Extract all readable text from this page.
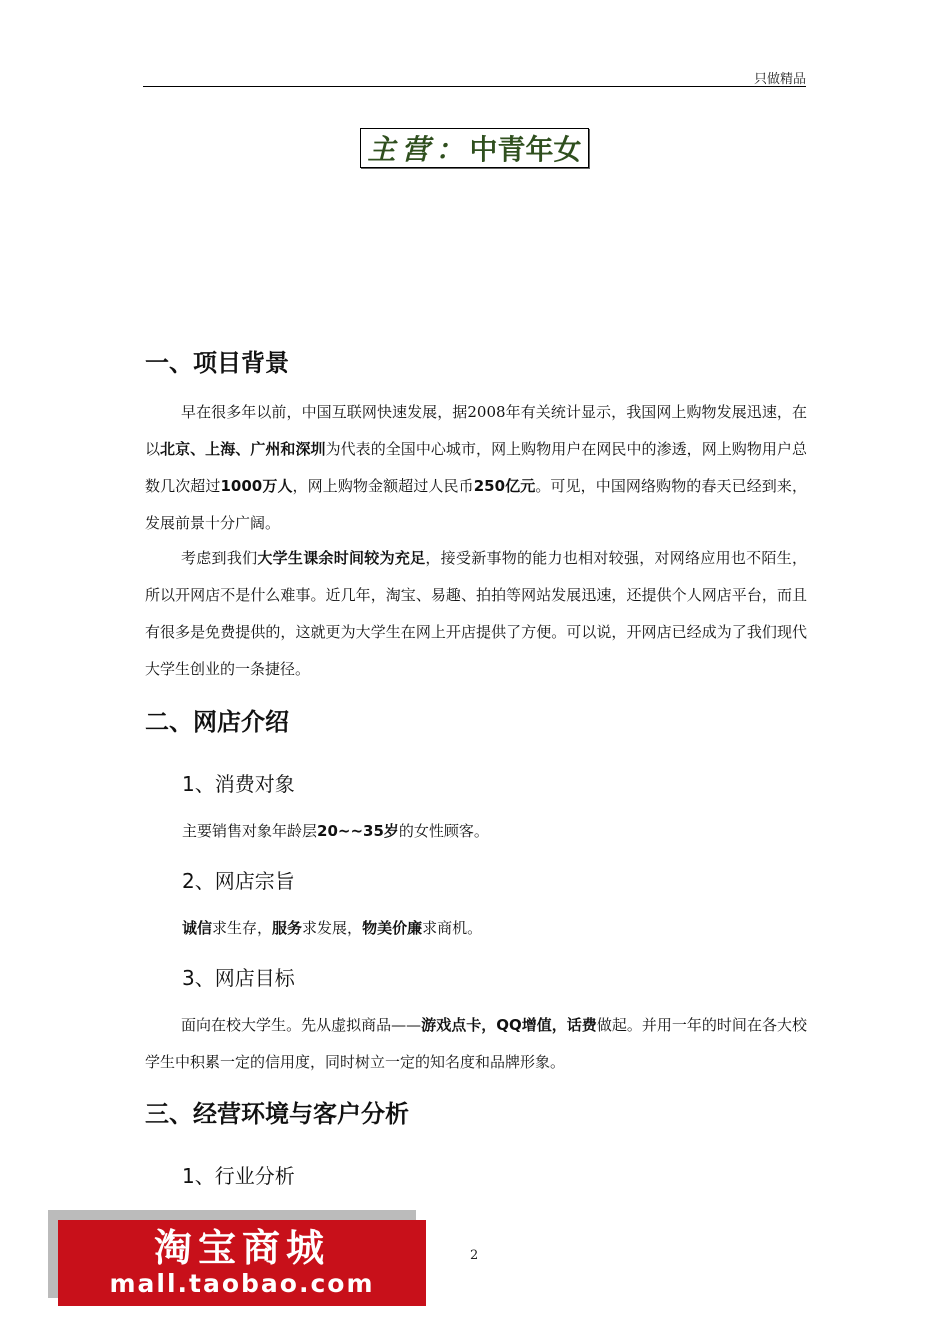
只做精品
主营： 中青年女
一、项目背景
早在很多年以前，中国互联网快速发展，据2008年有关统计显示，我国网上购物发展迅速，在以北京、上海、广州和深圳为代表的全国中心城市，网上购物用户在网民中的渗透，网上购物用户总数几次超过1000万人，网上购物金额超过人民币250亿元。可见，中国网络购物的春天已经到来，发展前景十分广阔。
考虑到我们大学生课余时间较为充足，接受新事物的能力也相对较强，对网络应用也不陌生，所以开网店不是什么难事。近几年，淘宝、易趣、拍拍等网站发展迅速，还提供个人网店平台，而且有很多是免费提供的，这就更为大学生在网上开店提供了方便。可以说，开网店已经成为了我们现代大学生创业的一条捷径。
二、网店介绍
1、消费对象
主要销售对象年龄层20~~35岁的女性顾客。
2、网店宗旨
诚信求生存，服务求发展，物美价廉求商机。
3、网店目标
面向在校大学生。先从虚拟商品——游戏点卡，QQ增值，话费做起。并用一年的时间在各大校学生中积累一定的信用度，同时树立一定的知名度和品牌形象。
三、经营环境与客户分析
1、行业分析
2
淘宝商城
mall.taobao.com
